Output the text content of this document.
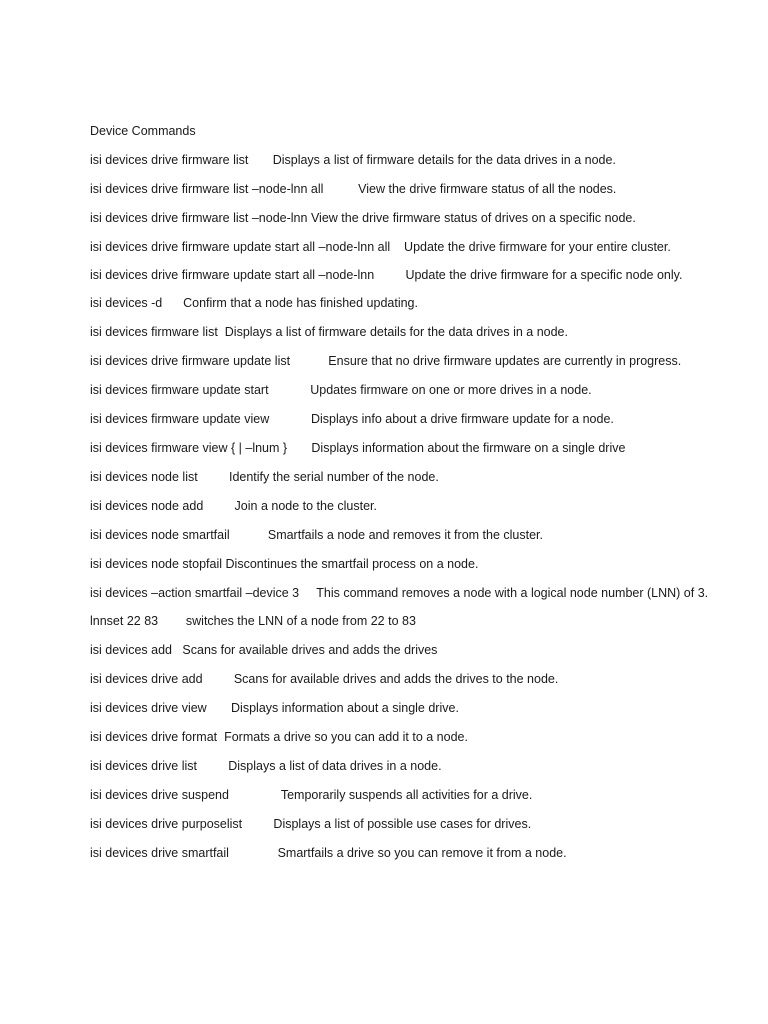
Device Commands
isi devices drive firmware list Displays a list of firmware details for the data drives in a node.
isi devices drive firmware list –node-lnn all	View the drive firmware status of all the nodes.
isi devices drive firmware list –node-lnn View the drive firmware status of drives on a specific node.
isi devices drive firmware update start all –node-lnn all Update the drive firmware for your entire cluster.
isi devices drive firmware update start all –node-lnn	Update the drive firmware for a specific node only.
isi devices -d Confirm that a node has finished updating.
isi devices firmware list Displays a list of firmware details for the data drives in a node.
isi devices drive firmware update list	Ensure that no drive firmware updates are currently in progress.
isi devices firmware update start	Updates firmware on one or more drives in a node.
isi devices firmware update view	Displays info about a drive firmware update for a node.
isi devices firmware view { | –lnum } Displays information about the firmware on a single drive
isi devices node list	Identify the serial number of the node.
isi devices node add	Join a node to the cluster.
isi devices node smartfail	Smartfails a node and removes it from the cluster.
isi devices node stopfail Discontinues the smartfail process on a node.
isi devices –action smartfail –device 3 This command removes a node with a logical node number (LNN) of 3.
lnnset 22 83 switches the LNN of a node from 22 to 83
isi devices add Scans for available drives and adds the drives
isi devices drive add	Scans for available drives and adds the drives to the node.
isi devices drive view Displays information about a single drive.
isi devices drive format Formats a drive so you can add it to a node.
isi devices drive list	Displays a list of data drives in a node.
isi devices drive suspend	Temporarily suspends all activities for a drive.
isi devices drive purposelist	Displays a list of possible use cases for drives.
isi devices drive smartfail	Smartfails a drive so you can remove it from a node.
